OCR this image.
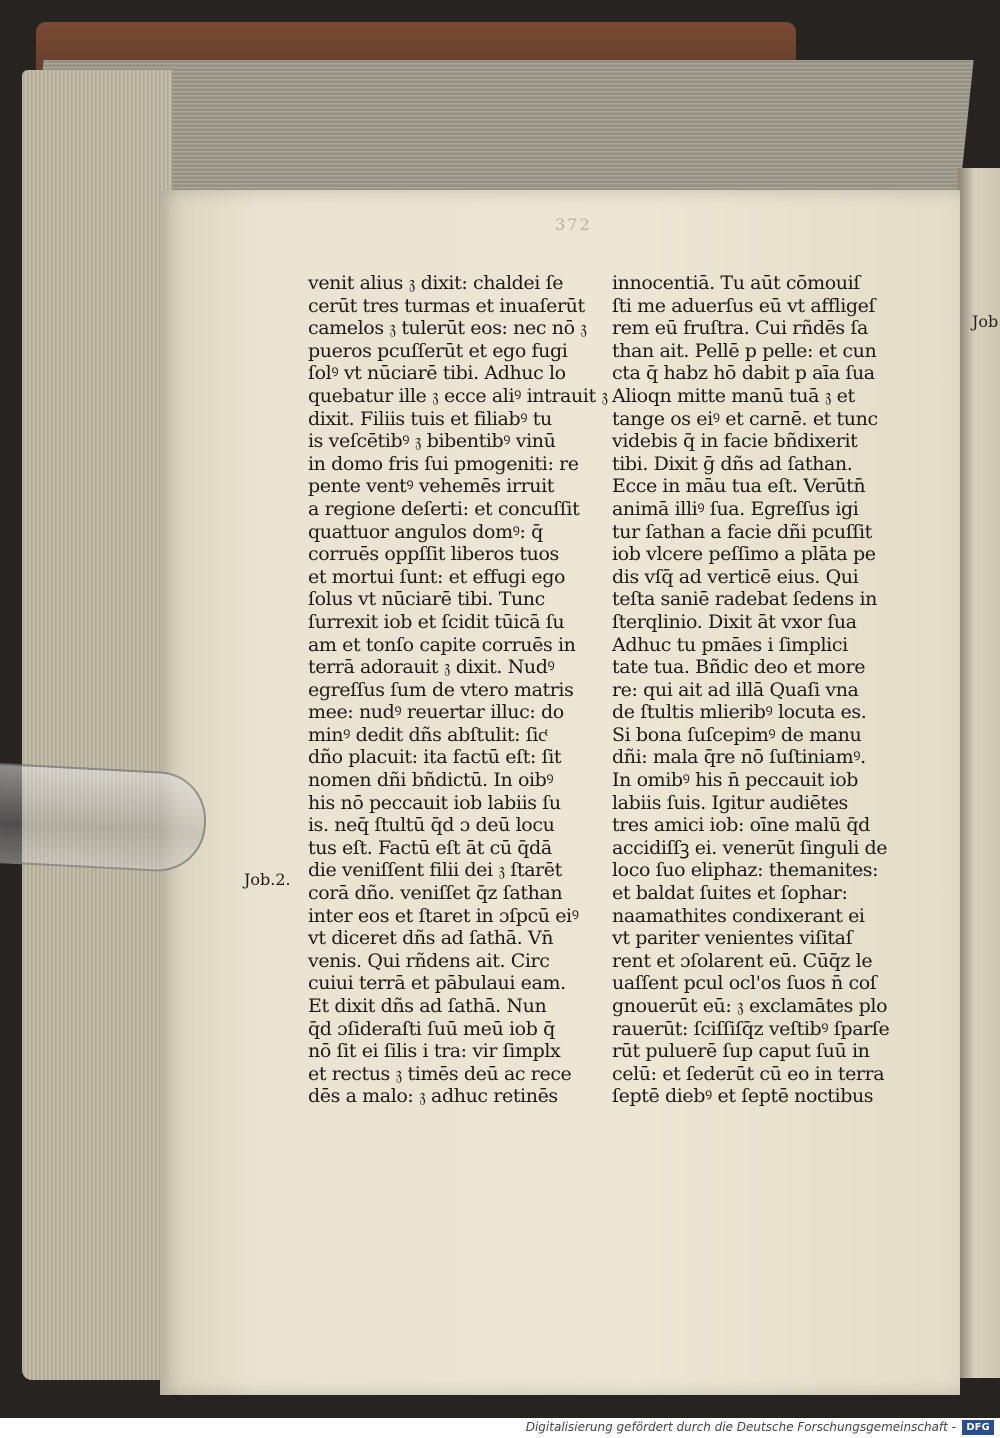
Job
372
Job.2.
venit alius 𝔷 dixit: chaldei ſe
cerūt tres turmas et inuaſerūt
camelos 𝔷 tulerūt eos: nec nō 𝔷
pueros pcuſſerūt et ego fugi
ſolꝰ vt nūciarē tibi. Adhuc lo
quebatur ille 𝔷 ecce aliꝰ intrauit 𝔷
dixit. Filiis tuis et filiabꝰ tu
is veſcētibꝰ 𝔷 bibentibꝰ vinū
in domo fris ſui pmogeniti: re
pente ventꝰ vehemēs irruit
a regione deſerti: et concuſſit
quattuor angulos domꝰ: q̄
corruēs oppſſit liberos tuos
et mortui ſunt: et effugi ego
ſolus vt nūciarē tibi. Tunc
ſurrexit iob et ſcidit tūicā ſu
am et tonſo capite corruēs in
terrā adorauit 𝔷 dixit. Nudꝰ
egreſſus ſum de vtero matris
mee: nudꝰ reuertar illuc: do
minꝰ dedit dñs abſtulit: ſicͭ
dño placuit: ita factū eſt: ſit
nomen dñi bñdictū. In oibꝰ
his nō peccauit iob labiis ſu
is. neq̄ ſtultū q̄d ɔ deū locu
tus eſt. Factū eſt āt cū q̄dā
die veniſſent filii dei 𝔷 ſtarēt
corā dño. veniſſet q̄z ſathan
inter eos et ſtaret in ɔſpcū eiꝰ
vt diceret dñs ad ſathā. Vn̄
venis. Qui rñdens ait. Circ
cuiui terrā et pābulaui eam.
Et dixit dñs ad ſathā. Nun
q̄d ɔſideraſti ſuū meū iob q̄
nō ſit ei ſilis i tra: vir ſimplx
et rectus 𝔷 timēs deū ac rece
dēs a malo: 𝔷 adhuc retinēs
innocentiā. Tu aūt cōmouiſ
ſti me aduerſus eū vt affligeſ
rem eū fruſtra. Cui rñdēs ſa
than ait. Pellē p pelle: et cun
cta q̄ habz hō dabit p aīa ſua
Alioqn mitte manū tuā 𝔷 et
tange os eiꝰ et carnē. et tunc
videbis q̄ in facie bñdixerit
tibi. Dixit ḡ dñs ad ſathan.
Ecce in māu tua eſt. Verūtn̄
animā illiꝰ ſua. Egreſſus igi
tur ſathan a facie dñi pcuſſit
iob vlcere peſſimo a plāta pe
dis vſq̄ ad verticē eius. Qui
teſta saniē radebat ſedens in
ſterqlinio. Dixit āt vxor ſua
Adhuc tu pmāes i ſimplici
tate tua. Bñdic deo et more
re: qui ait ad illā Quaſi vna
de ſtultis mlieribꝰ locuta es.
Si bona ſuſcepimꝰ de manu
dñi: mala q̄re nō ſuſtiniamꝰ.
In omibꝰ his n̄ peccauit iob
labiis ſuis. Igitur audiētes
tres amici iob: oīne malū q̄d
accidiſſꝫ ei. venerūt ſinguli de
loco ſuo eliphaz: themanites:
et baldat ſuites et ſophar:
naamathites condixerant ei
vt pariter venientes viſitaſ
rent et ɔſolarent eū. Cūq̄z le
uaſſent pcul ocl'os ſuos n̄ coſ
gnouerūt eū: 𝔷 exclamātes plo
rauerūt: ſciſſiſq̄z veſtibꝰ ſparſe
rūt puluerē ſup caput ſuū in
celū: et ſederūt cū eo in terra
ſeptē diebꝰ et ſeptē noctibus
Digitalisierung gefördert durch die Deutsche Forschungsgemeinschaft -	DFG
